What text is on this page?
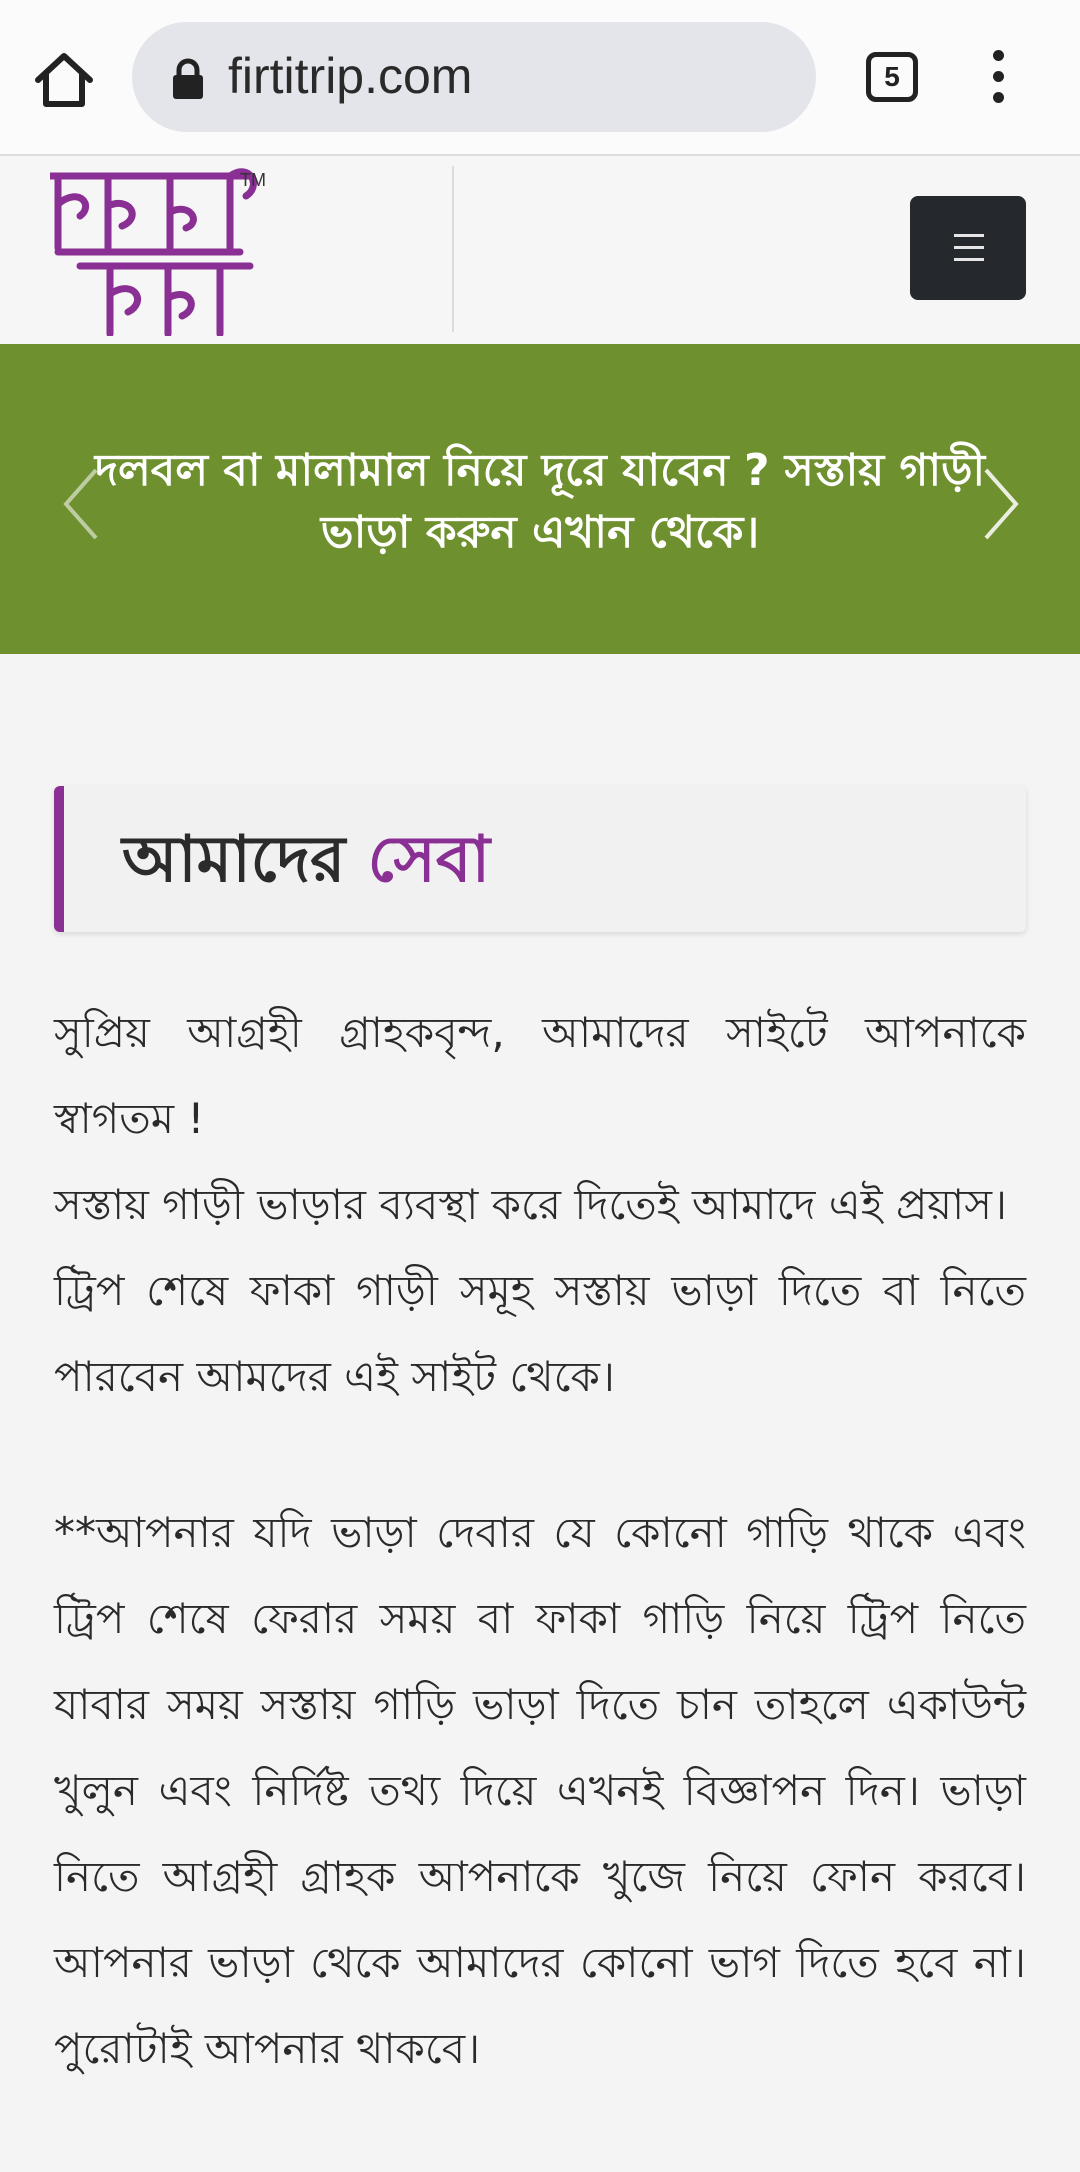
firtitrip.com	5
TM
দলবল বা মালামাল নিয়ে দূরে যাবেন ? সস্তায় গাড়ী
ভাড়া করুন এখান থেকে।
আমাদের সেবা

সুপ্রিয় আগ্রহী গ্রাহকবৃন্দ, আমাদের সাইটে আপনাকে স্বাগতম !

সস্তায় গাড়ী ভাড়ার ব্যবস্থা করে দিতেই আমাদে এই প্রয়াস।

ট্রিপ শেষে ফাকা গাড়ী সমূহ সস্তায় ভাড়া দিতে বা নিতে পারবেন আমদের এই সাইট থেকে।

**আপনার যদি ভাড়া দেবার যে কোনো গাড়ি থাকে এবং ট্রিপ শেষে ফেরার সময় বা ফাকা গাড়ি নিয়ে ট্রিপ নিতে যাবার সময় সস্তায় গাড়ি ভাড়া দিতে চান তাহলে একাউন্ট খুলুন এবং নির্দিষ্ট তথ্য দিয়ে এখনই বিজ্ঞাপন দিন। ভাড়া নিতে আগ্রহী গ্রাহক আপনাকে খুজে নিয়ে ফোন করবে। আপনার ভাড়া থেকে আমাদের কোনো ভাগ দিতে হবে না। পুরোটাই আপনার থাকবে।
